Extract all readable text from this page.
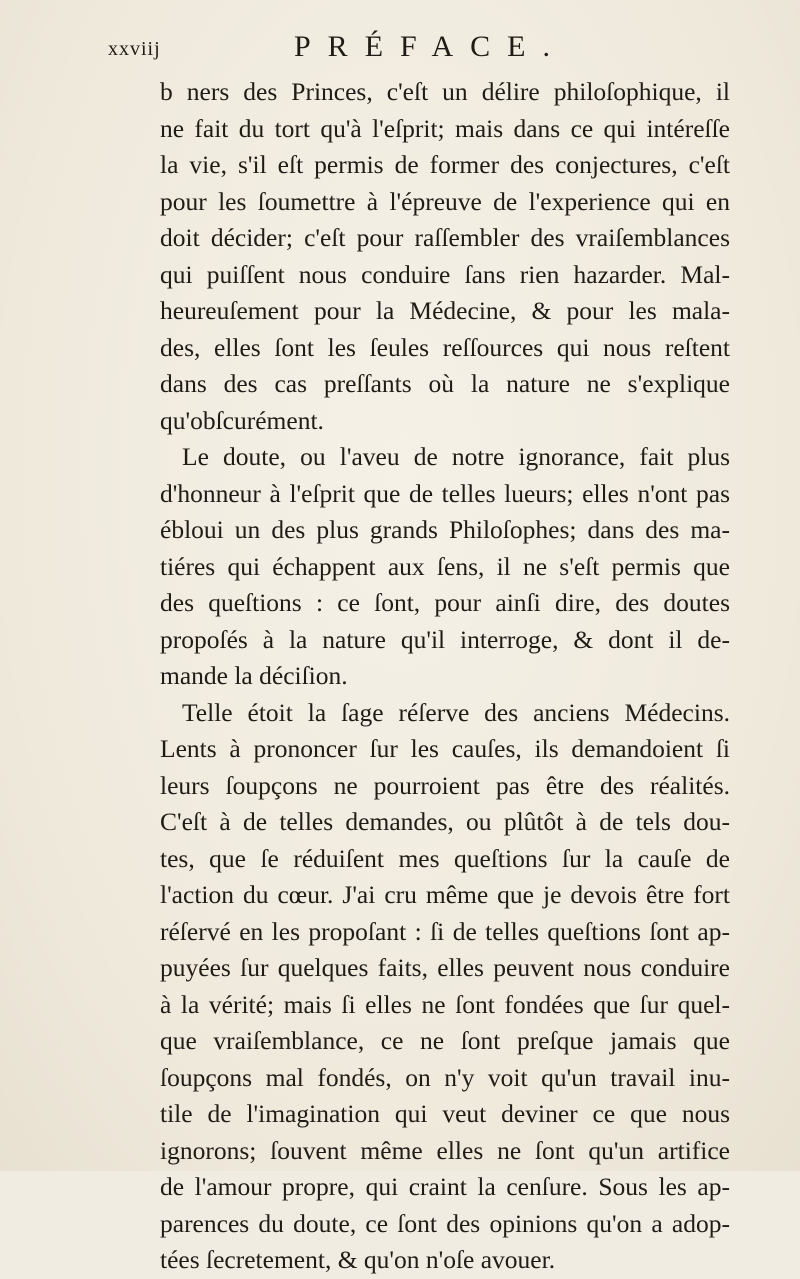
xxviij	PRÉFACE.
b ners des Princes, c'eſt un délire philoſophique, il
ne fait du tort qu'à l'eſprit; mais dans ce qui intéreſſe
la vie, s'il eſt permis de former des conjectures, c'eſt
pour les ſoumettre à l'épreuve de l'experience qui en
doit décider; c'eſt pour raſſembler des vraiſemblances
qui puiſſent nous conduire ſans rien hazarder. Mal-
heureuſement pour la Médecine, & pour les mala-
des, elles ſont les ſeules reſſources qui nous reſtent
dans des cas preſſants où la nature ne s'explique
qu'obſcurément.
Le doute, ou l'aveu de notre ignorance, fait plus
d'honneur à l'eſprit que de telles lueurs; elles n'ont pas
ébloui un des plus grands Philoſophes; dans des ma-
tiéres qui échappent aux ſens, il ne s'eſt permis que
des queſtions : ce ſont, pour ainſi dire, des doutes
propoſés à la nature qu'il interroge, & dont il de-
mande la déciſion.
Telle étoit la ſage réſerve des anciens Médecins.
Lents à prononcer ſur les cauſes, ils demandoient ſi
leurs ſoupçons ne pourroient pas être des réalités.
C'eſt à de telles demandes, ou plûtôt à de tels dou-
tes, que ſe réduiſent mes queſtions ſur la cauſe de
l'action du cœur. J'ai cru même que je devois être fort
réſervé en les propoſant : ſi de telles queſtions ſont ap-
puyées ſur quelques faits, elles peuvent nous conduire
à la vérité; mais ſi elles ne ſont fondées que ſur quel-
que vraiſemblance, ce ne ſont preſque jamais que
ſoupçons mal fondés, on n'y voit qu'un travail inu-
tile de l'imagination qui veut deviner ce que nous
ignorons; ſouvent même elles ne ſont qu'un artifice
de l'amour propre, qui craint la cenſure. Sous les ap-
parences du doute, ce ſont des opinions qu'on a adop-
tées ſecretement, & qu'on n'oſe avouer.
